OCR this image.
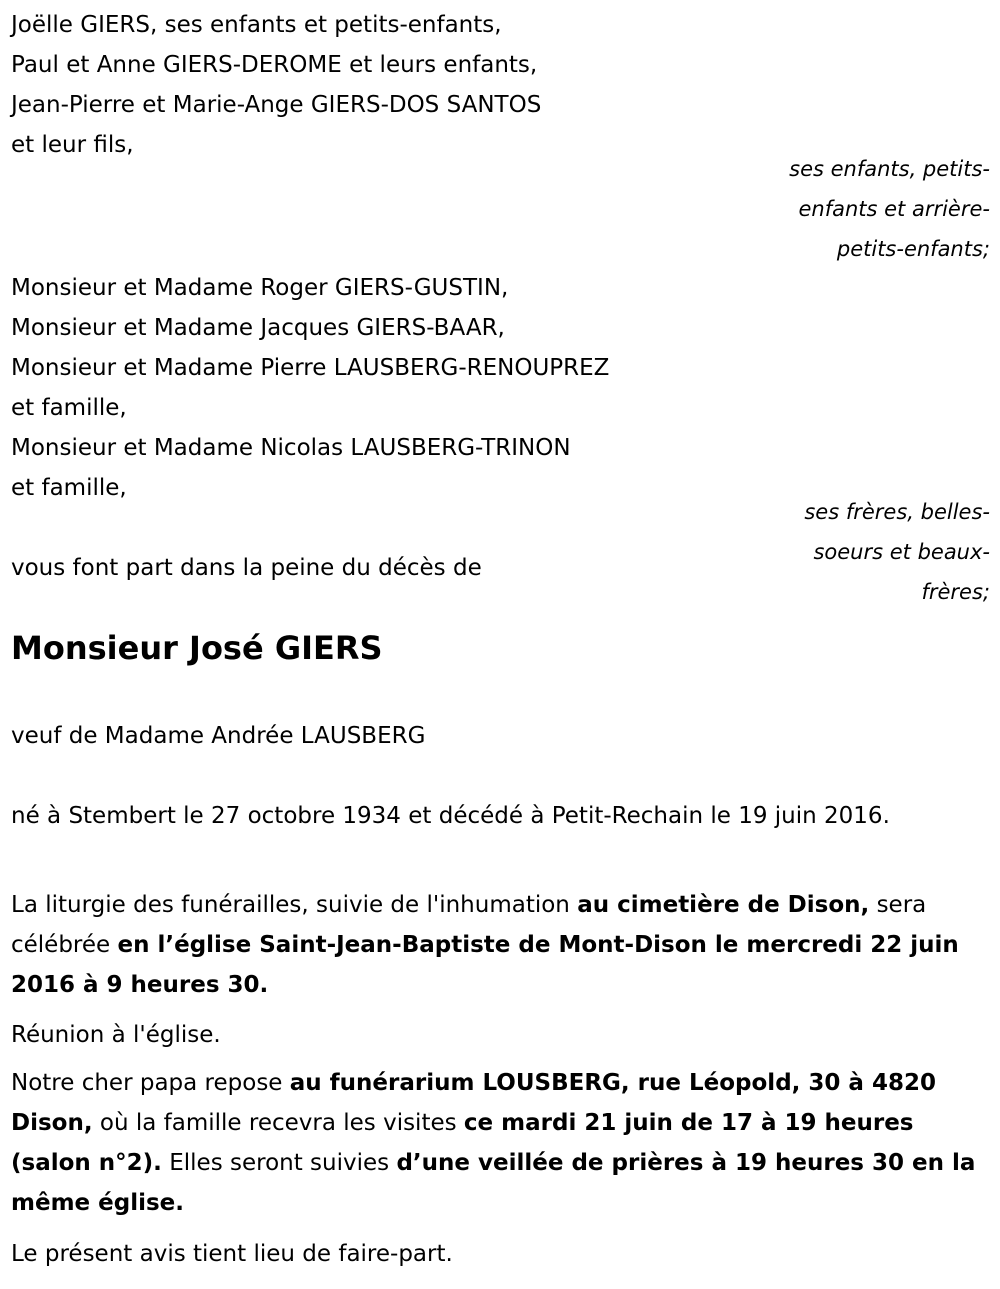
Joëlle GIERS, ses enfants et petits-enfants,
Paul et Anne GIERS-DEROME et leurs enfants,
Jean-Pierre et Marie-Ange GIERS-DOS SANTOS
et leur fils,
ses enfants, petits-
enfants et arrière-
petits-enfants;
Monsieur et Madame Roger GIERS-GUSTIN,
Monsieur et Madame Jacques GIERS-BAAR,
Monsieur et Madame Pierre LAUSBERG-RENOUPREZ
et famille,
Monsieur et Madame Nicolas LAUSBERG-TRINON
et famille,
ses frères, belles-
soeurs et beaux-
frères;
vous font part dans la peine du décès de
Monsieur José GIERS
veuf de Madame Andrée LAUSBERG
né à Stembert le 27 octobre 1934 et décédé à Petit-Rechain le 19 juin 2016.
La liturgie des funérailles, suivie de l'inhumation au cimetière de Dison, sera célébrée en l’église Saint-Jean-Baptiste de Mont-Dison le mercredi 22 juin 2016 à 9 heures 30.
Réunion à l'église.
Notre cher papa repose au funérarium LOUSBERG, rue Léopold, 30 à 4820 Dison, où la famille recevra les visites ce mardi 21 juin de 17 à 19 heures (salon n°2). Elles seront suivies d’une veillée de prières à 19 heures 30 en la même église.
Le présent avis tient lieu de faire-part.
